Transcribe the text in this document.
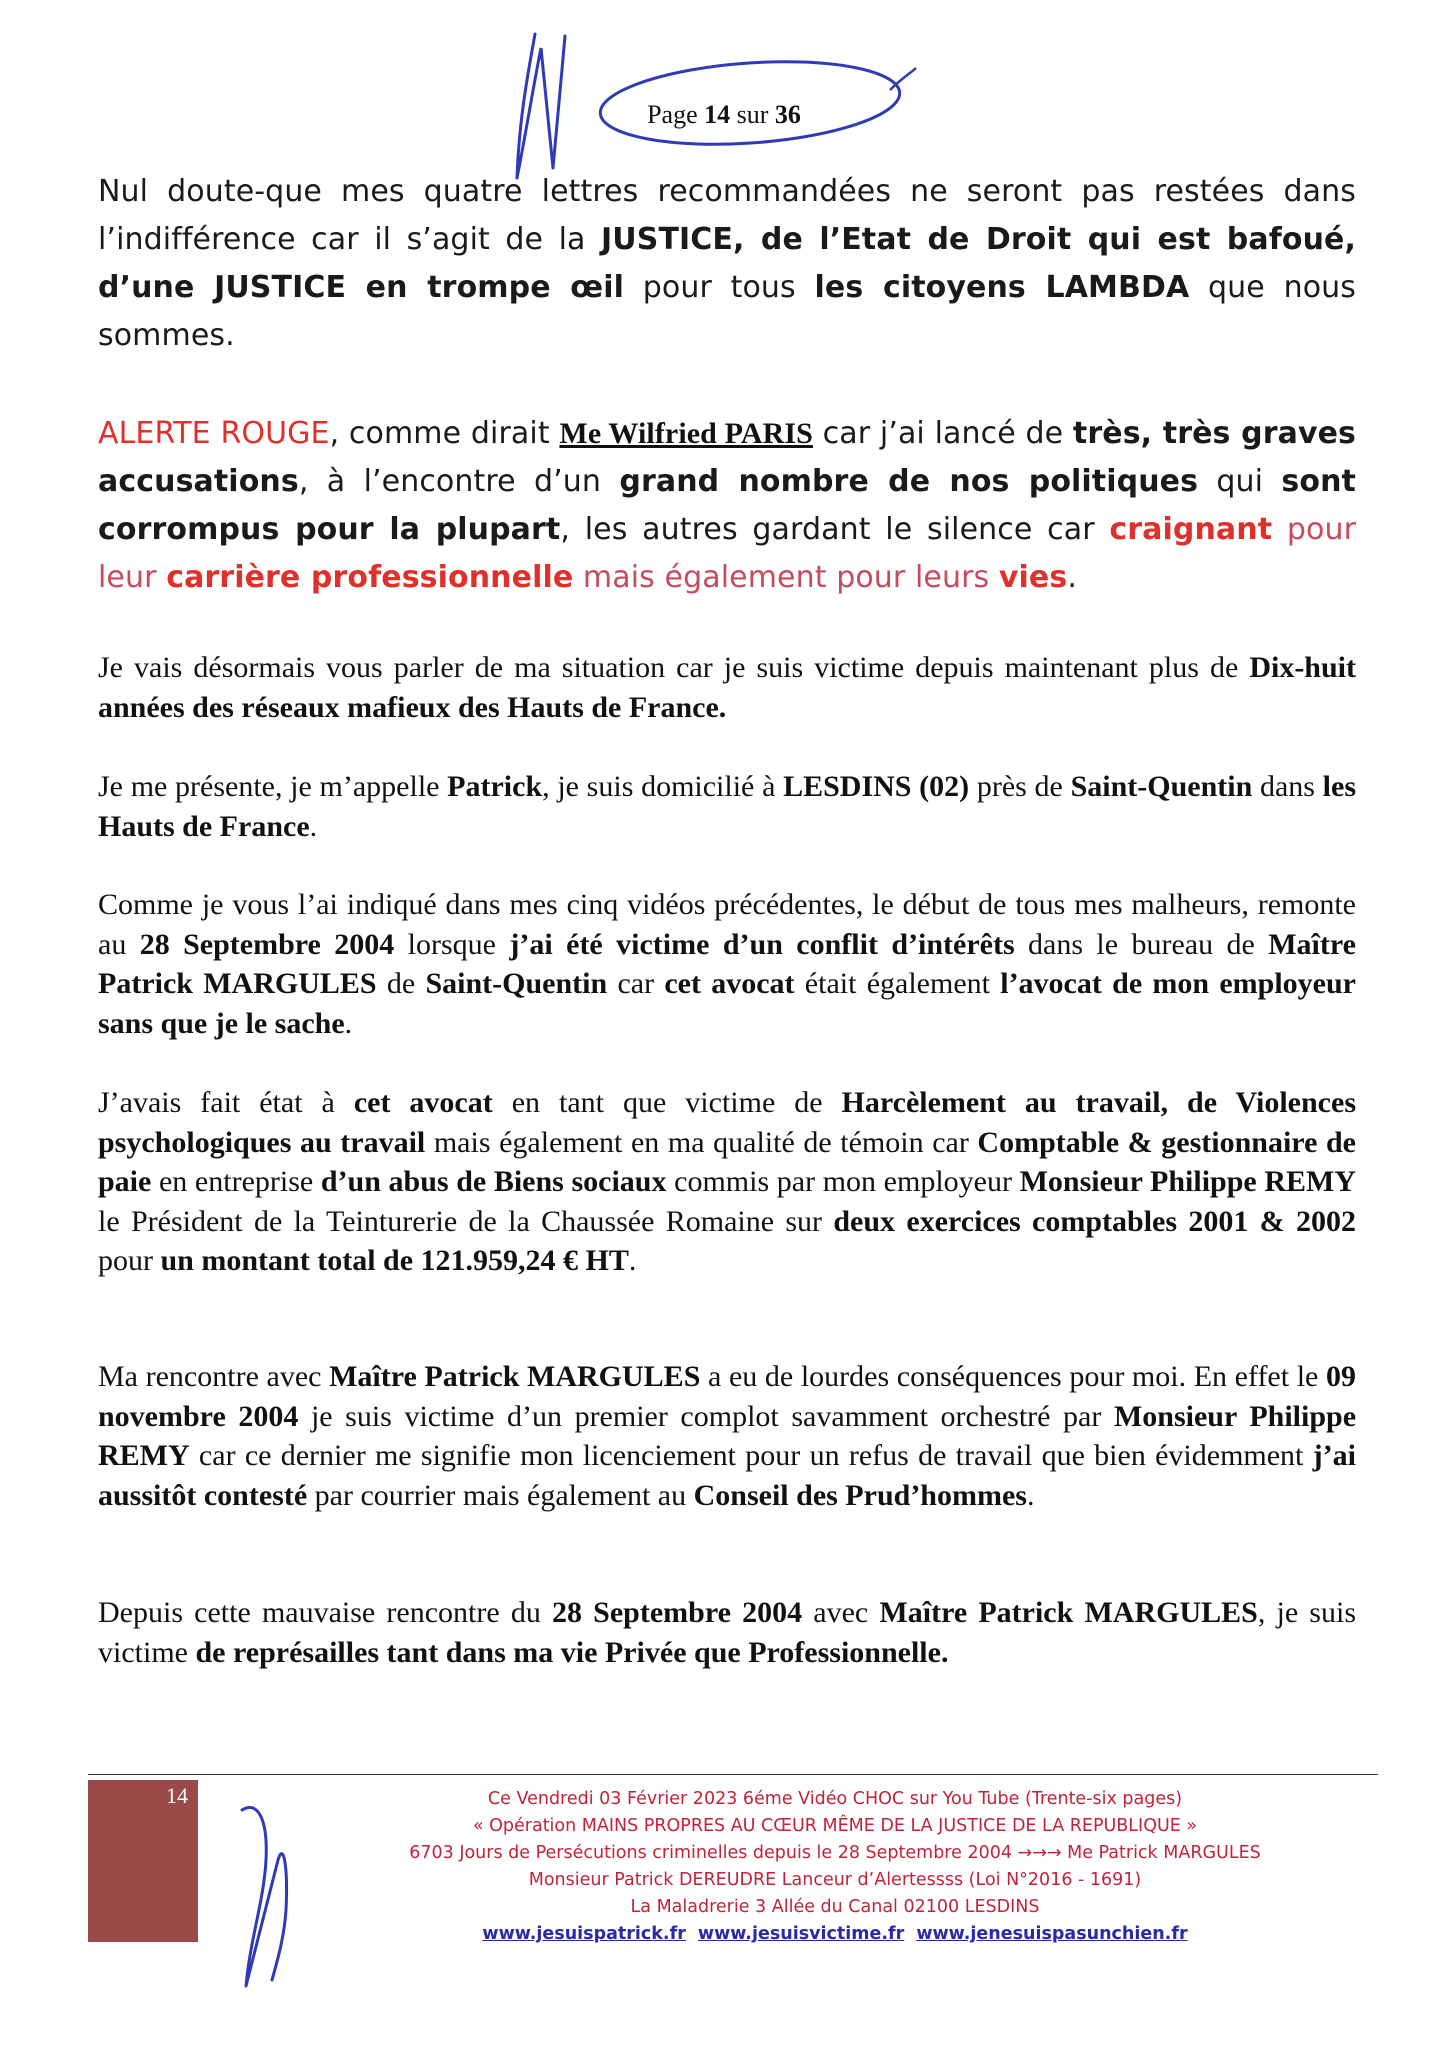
Page 14 sur 36

Nul doute-que mes quatre lettres recommandées ne seront pas restées dans l’indifférence car il s’agit de la JUSTICE, de l’Etat de Droit qui est bafoué, d’une JUSTICE en trompe œil pour tous les citoyens LAMBDA que nous sommes.

ALERTE ROUGE, comme dirait Me Wilfried PARIS car j’ai lancé de très, très graves accusations, à l’encontre d’un grand nombre de nos politiques qui sont corrompus pour la plupart, les autres gardant le silence car craignant pour leur carrière professionnelle mais également pour leurs vies.

Je vais désormais vous parler de ma situation car je suis victime depuis maintenant plus de Dix-huit années des réseaux mafieux des Hauts de France.

Je me présente, je m’appelle Patrick, je suis domicilié à LESDINS (02) près de Saint-Quentin dans les Hauts de France.

Comme je vous l’ai indiqué dans mes cinq vidéos précédentes, le début de tous mes malheurs, remonte au 28 Septembre 2004 lorsque j’ai été victime d’un conflit d’intérêts dans le bureau de Maître Patrick MARGULES de Saint-Quentin car cet avocat était également l’avocat de mon employeur sans que je le sache.

J’avais fait état à cet avocat en tant que victime de Harcèlement au travail, de Violences psychologiques au travail mais également en ma qualité de témoin car Comptable & gestionnaire de paie en entreprise d’un abus de Biens sociaux commis par mon employeur Monsieur Philippe REMY le Président de la Teinturerie de la Chaussée Romaine sur deux exercices comptables 2001 & 2002 pour un montant total de 121.959,24 € HT.

Ma rencontre avec Maître Patrick MARGULES a eu de lourdes conséquences pour moi. En effet le 09 novembre 2004 je suis victime d’un premier complot savamment orchestré par Monsieur Philippe REMY car ce dernier me signifie mon licenciement pour un refus de travail que bien évidemment j’ai aussitôt contesté par courrier mais également au Conseil des Prud’hommes.

Depuis cette mauvaise rencontre du 28 Septembre 2004 avec Maître Patrick MARGULES, je suis victime de représailles tant dans ma vie Privée que Professionnelle.

14	Ce Vendredi 03 Février 2023 6éme Vidéo CHOC sur You Tube (Trente-six pages)
« Opération MAINS PROPRES AU CŒUR MÊME DE LA JUSTICE DE LA REPUBLIQUE »
6703 Jours de Persécutions criminelles depuis le 28 Septembre 2004 →→→ Me Patrick MARGULES
Monsieur Patrick DEREUDRE Lanceur d’Alertessss (Loi N°2016 - 1691)
La Maladrerie 3 Allée du Canal 02100 LESDINS
www.jesuispatrick.fr www.jesuisvictime.fr www.jenesuispasunchien.fr
